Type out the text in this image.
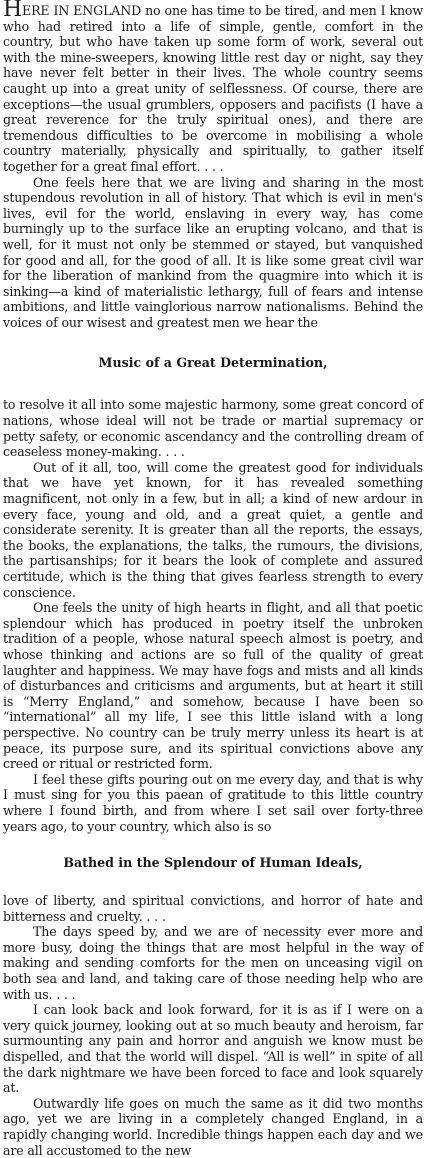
HERE IN ENGLAND no one has time to be tired, and men I know who had retired into a life of simple, gentle, comfort in the country, but who have taken up some form of work, several out with the mine-sweepers, knowing little rest day or night, say they have never felt better in their lives. The whole country seems caught up into a great unity of selflessness. Of course, there are exceptions—the usual grumblers, opposers and pacifists (I have a great reverence for the truly spiritual ones), and there are tremendous difficulties to be overcome in mobilising a whole country materially, physically and spiritually, to gather itself together for a great final effort. . . .

One feels here that we are living and sharing in the most stupendous revolution in all of history. That which is evil in men's lives, evil for the world, enslaving in every way, has come burningly up to the surface like an erupting volcano, and that is well, for it must not only be stemmed or stayed, but vanquished for good and all, for the good of all. It is like some great civil war for the liberation of mankind from the quagmire into which it is sinking—a kind of materialistic lethargy, full of fears and intense ambitions, and little vainglorious narrow nationalisms. Behind the voices of our wisest and greatest men we hear the

Music of a Great Determination,

to resolve it all into some majestic harmony, some great concord of nations, whose ideal will not be trade or martial supremacy or petty safety, or economic ascendancy and the controlling dream of ceaseless money-making. . . .

Out of it all, too, will come the greatest good for individuals that we have yet known, for it has revealed something magnificent, not only in a few, but in all; a kind of new ardour in every face, young and old, and a great quiet, a gentle and considerate serenity. It is greater than all the reports, the essays, the books, the explanations, the talks, the rumours, the divisions, the partisanships; for it bears the look of complete and assured certitude, which is the thing that gives fearless strength to every conscience.

One feels the unity of high hearts in flight, and all that poetic splendour which has produced in poetry itself the unbroken tradition of a people, whose natural speech almost is poetry, and whose thinking and actions are so full of the quality of great laughter and happiness. We may have fogs and mists and all kinds of disturbances and criticisms and arguments, but at heart it still is “Merry England,” and somehow, because I have been so “international” all my life, I see this little island with a long perspective. No country can be truly merry unless its heart is at peace, its purpose sure, and its spiritual convictions above any creed or ritual or restricted form.

I feel these gifts pouring out on me every day, and that is why I must sing for you this paean of gratitude to this little country where I found birth, and from where I set sail over forty-three years ago, to your country, which also is so

Bathed in the Splendour of Human Ideals,

love of liberty, and spiritual convictions, and horror of hate and bitterness and cruelty. . . .

The days speed by, and we are of necessity ever more and more busy, doing the things that are most helpful in the way of making and sending comforts for the men on unceasing vigil on both sea and land, and taking care of those needing help who are with us. . . .

I can look back and look forward, for it is as if I were on a very quick journey, looking out at so much beauty and heroism, far surmounting any pain and horror and anguish we know must be dispelled, and that the world will dispel. “All is well” in spite of all the dark nightmare we have been forced to face and look squarely at.

Outwardly life goes on much the same as it did two months ago, yet we are living in a completely changed England, in a rapidly changing world. Incredible things happen each day and we are all accustomed to the new
